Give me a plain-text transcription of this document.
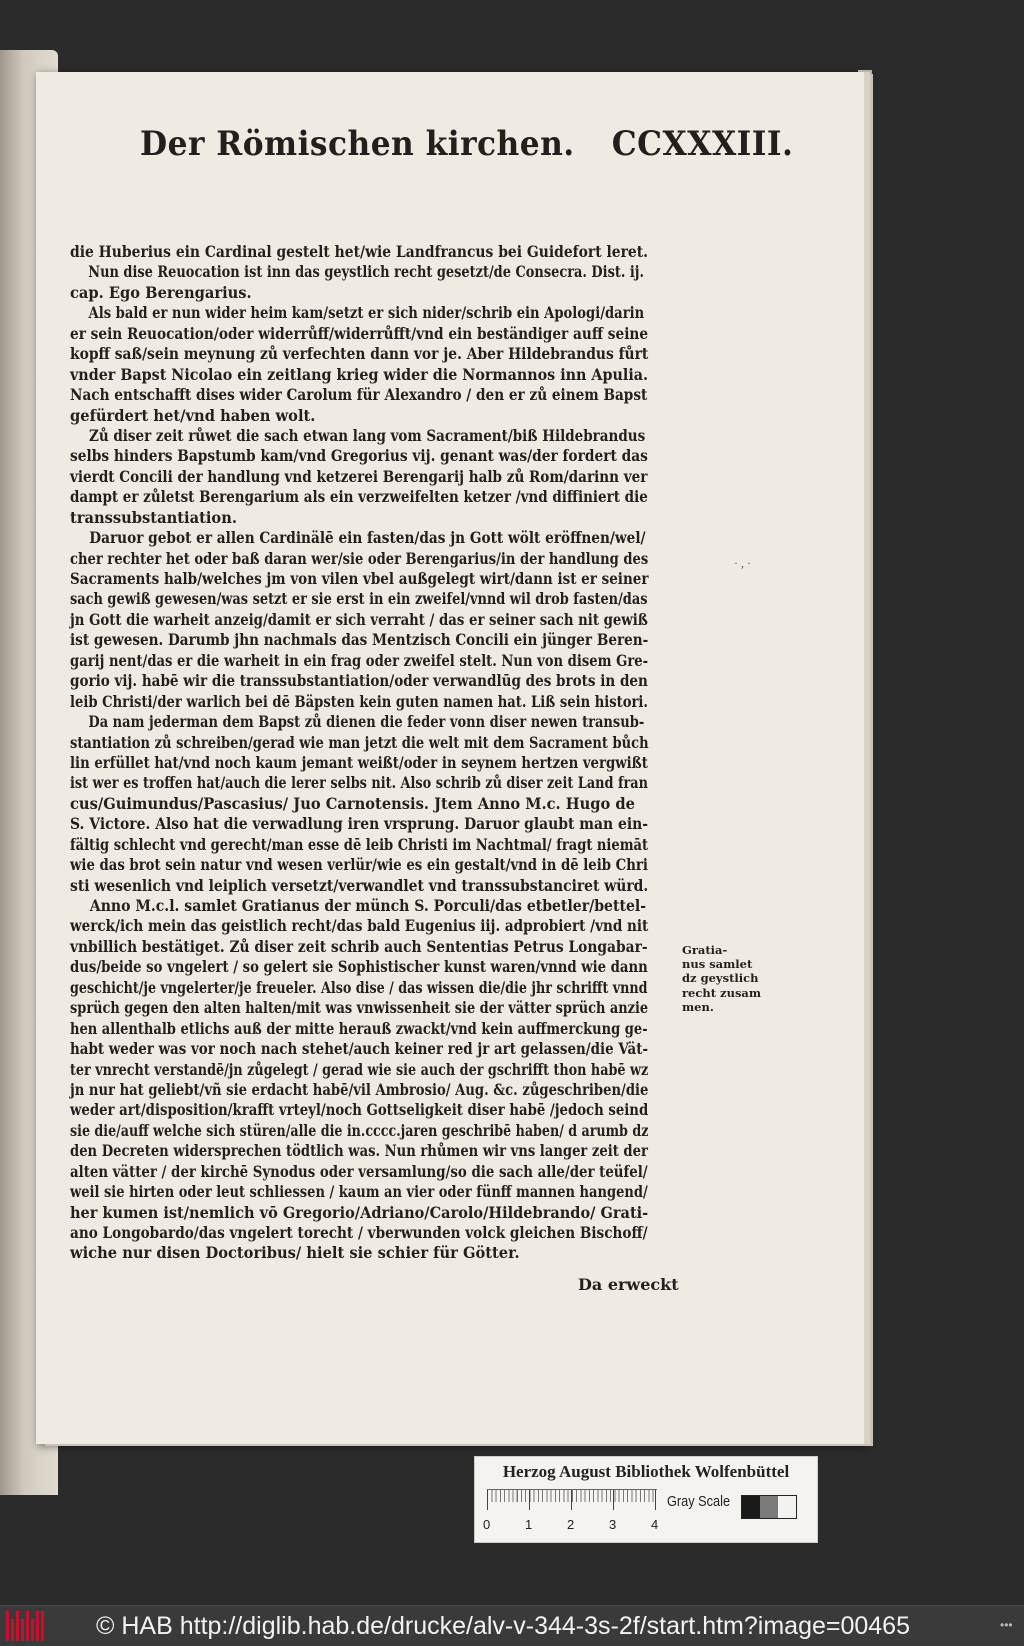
Der Römischen kirchen. CCXXXIII.
die Huberius ein Cardinal gestelt het/wie Landfrancus bei Guidefort leret.
Nun dise Reuocation ist inn das geystlich recht gesetzt/de Consecra. Dist. ij.
cap. Ego Berengarius.
Als bald er nun wider heim kam/setzt er sich nider/schrib ein Apologi/darin
er sein Reuocation/oder widerrůff/widerrůfft/vnd ein beständiger auff seine
kopff saß/sein meynung zů verfechten dann vor je. Aber Hildebrandus fůrt
vnder Bapst Nicolao ein zeitlang krieg wider die Normannos inn Apulia.
Nach entschafft dises wider Carolum für Alexandro / den er zů einem Bapst
gefürdert het/vnd haben wolt.
Zů diser zeit růwet die sach etwan lang vom Sacrament/biß Hildebrandus
selbs hinders Bapstumb kam/vnd Gregorius vij. genant was/der fordert das
vierdt Concili der handlung vnd ketzerei Berengarij halb zů Rom/darinn ver
dampt er zůletst Berengarium als ein verzweifelten ketzer /vnd diffiniert die
transsubstantiation.
Daruor gebot er allen Cardinälē ein fasten/das jn Gott wölt eröffnen/wel/
cher rechter het oder baß daran wer/sie oder Berengarius/in der handlung des
Sacraments halb/welches jm von vilen vbel außgelegt wirt/dann ist er seiner
sach gewiß gewesen/was setzt er sie erst in ein zweifel/vnnd wil drob fasten/das
jn Gott die warheit anzeig/damit er sich verraht / das er seiner sach nit gewiß
ist gewesen. Darumb jhn nachmals das Mentzisch Concili ein jünger Beren-
garij nent/das er die warheit in ein frag oder zweifel stelt. Nun von disem Gre-
gorio vij. habē wir die transsubstantiation/oder verwandlūg des brots in den
leib Christi/der warlich bei dē Bäpsten kein guten namen hat. Liß sein histori.
Da nam jederman dem Bapst zů dienen die feder vonn diser newen transub-
stantiation zů schreiben/gerad wie man jetzt die welt mit dem Sacrament bůch
lin erfüllet hat/vnd noch kaum jemant weißt/oder in seynem hertzen vergwißt
ist wer es troffen hat/auch die lerer selbs nit. Also schrib zů diser zeit Land fran
cus/Guimundus/Pascasius/ Juo Carnotensis. Jtem Anno M.c. Hugo de
S. Victore. Also hat die verwadlung iren vrsprung. Daruor glaubt man ein-
fältig schlecht vnd gerecht/man esse dē leib Christi im Nachtmal/ fragt niemāt
wie das brot sein natur vnd wesen verlür/wie es ein gestalt/vnd in dē leib Chri
sti wesenlich vnd leiplich versetzt/verwandlet vnd transsubstanciret würd.
Anno M.c.l. samlet Gratianus der münch S. Porculi/das etbetler/bettel-
werck/ich mein das geistlich recht/das bald Eugenius iij. adprobiert /vnd nit
vnbillich bestätiget. Zů diser zeit schrib auch Sententias Petrus Longabar-
dus/beide so vngelert / so gelert sie Sophistischer kunst waren/vnnd wie dann
geschicht/je vngelerter/je freueler. Also dise / das wissen die/die jhr schrifft vnnd
sprüch gegen den alten halten/mit was vnwissenheit sie der vätter sprüch anzie
hen allenthalb etlichs auß der mitte herauß zwackt/vnd kein auffmerckung ge-
habt weder was vor noch nach stehet/auch keiner red jr art gelassen/die Vät-
ter vnrecht verstandē/jn zůgelegt / gerad wie sie auch der gschrifft thon habē wz
jn nur hat geliebt/vñ sie erdacht habē/vil Ambrosio/ Aug. &c. zůgeschriben/die
weder art/disposition/krafft vrteyl/noch Gottseligkeit diser habē /jedoch seind
sie die/auff welche sich stüren/alle die in.cccc.jaren geschribē haben/ d arumb dz
den Decreten widersprechen tödtlich was. Nun rhůmen wir vns langer zeit der
alten vätter / der kirchē Synodus oder versamlung/so die sach alle/der teüfel/
weil sie hirten oder leut schliessen / kaum an vier oder fünff mannen hangend/
her kumen ist/nemlich vō Gregorio/Adriano/Carolo/Hildebrando/ Grati-
ano Longobardo/das vngelert torecht / vberwunden volck gleichen Bischoff/
wiche nur disen Doctoribus/ hielt sie schier für Götter.
Gratia-
nus samlet
dz geystlich
recht zusam
men.
· , ·
Da erweckt
Herzog August Bibliothek Wolfenbüttel
0	1	2	3	4
Gray Scale
© HAB http://diglib.hab.de/drucke/alv-v-344-3s-2f/start.htm?image=00465	•••
